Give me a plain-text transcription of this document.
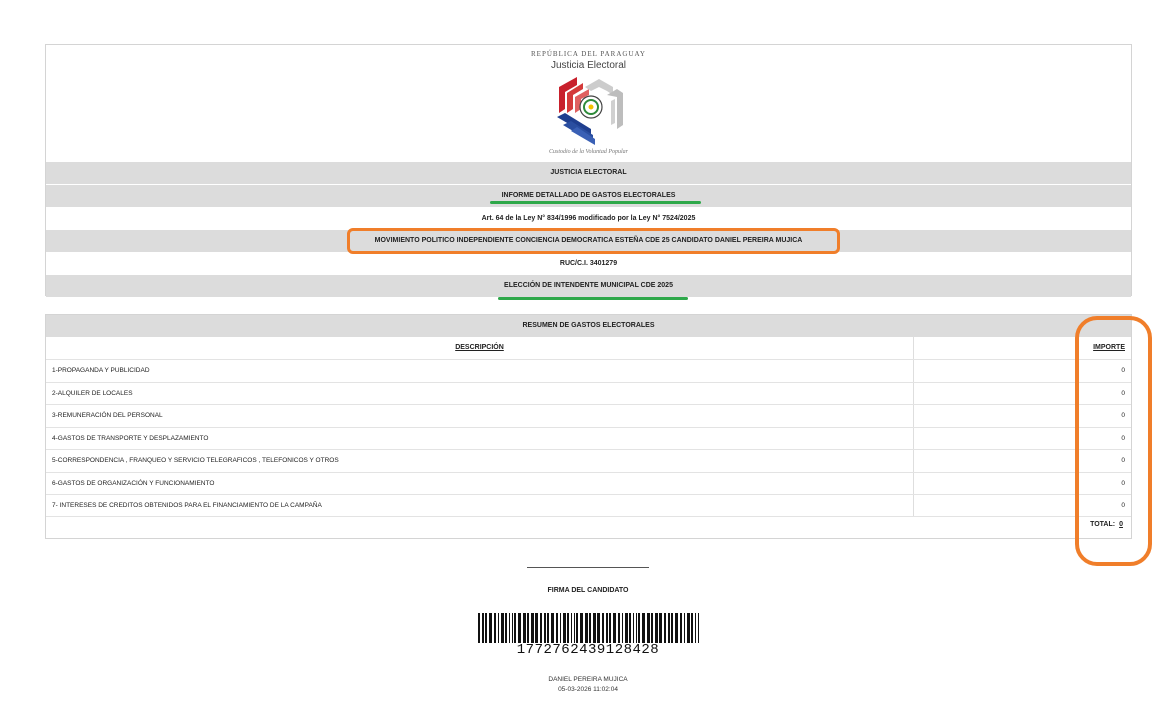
REPÚBLICA DEL PARAGUAY
Justicia Electoral
Custodio de la Voluntad Popular
JUSTICIA ELECTORAL
INFORME DETALLADO DE GASTOS ELECTORALES
Art. 64 de la Ley N° 834/1996 modificado por la Ley N° 7524/2025
MOVIMIENTO POLITICO INDEPENDIENTE CONCIENCIA DEMOCRATICA ESTEÑA CDE 25 CANDIDATO DANIEL PEREIRA MUJICA
RUC/C.I. 3401279
ELECCIÓN DE INTENDENTE MUNICIPAL CDE 2025
RESUMEN DE GASTOS ELECTORALES
DESCRIPCIÓN	IMPORTE
1-PROPAGANDA Y PUBLICIDAD	0
2-ALQUILER DE LOCALES	0
3-REMUNERACIÓN DEL PERSONAL	0
4-GASTOS DE TRANSPORTE Y DESPLAZAMIENTO	0
5-CORRESPONDENCIA , FRANQUEO Y SERVICIO TELEGRAFICOS , TELEFONICOS Y OTROS	0
6-GASTOS DE ORGANIZACIÓN Y FUNCIONAMIENTO	0
7- INTERESES DE CREDITOS OBTENIDOS PARA EL FINANCIAMIENTO DE LA CAMPAÑA	0
TOTAL: 0
FIRMA DEL CANDIDATO
1772762439128428
DANIEL PEREIRA MUJICA
05-03-2026 11:02:04
